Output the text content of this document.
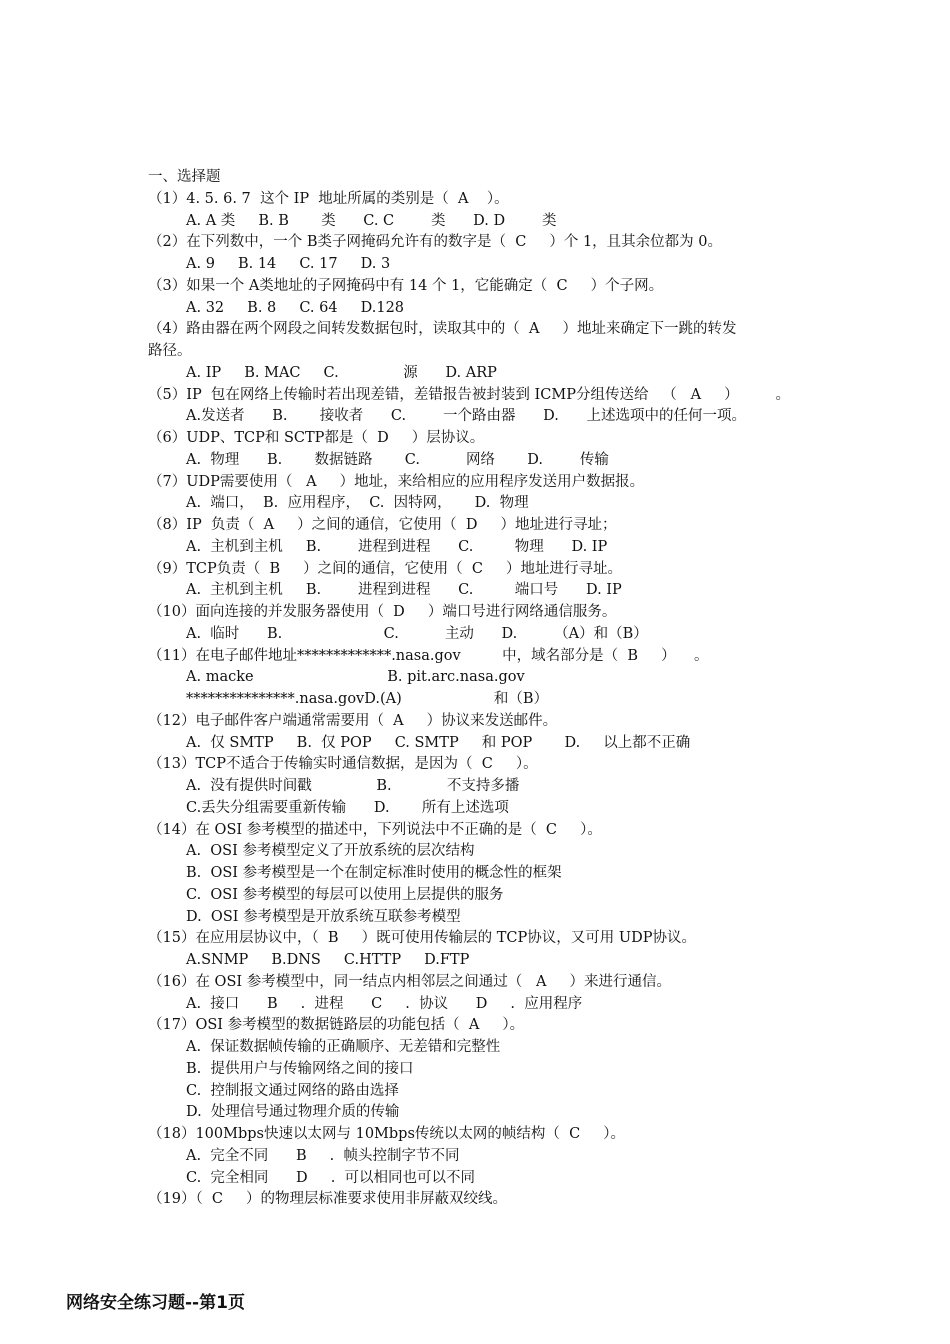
一、选择题
（1）4. 5. 6. 7  这个 IP  地址所属的类别是（  A    ）。
A. A 类     B. B       类      C. C        类      D. D        类
（2）在下列数中，一个 B类子网掩码允许有的数字是（  C     ）个 1，且其余位都为 0。
A. 9     B. 14     C. 17     D. 3
（3）如果一个 A类地址的子网掩码中有 14 个 1，它能确定（  C     ）个子网。
A. 32     B. 8     C. 64     D.128
（4）路由器在两个网段之间转发数据包时，读取其中的（  A     ）地址来确定下一跳的转发
路径。
A. IP     B. MAC     C.              源      D. ARP
（5）IP  包在网络上传输时若出现差错，差错报告被封装到 ICMP分组传送给   （   A     ）        。
A.发送者      B.       接收者      C.        一个路由器      D.      上述选项中的任何一项。
（6）UDP、TCP和 SCTP都是（  D     ）层协议。
A.  物理      B.       数据链路       C.          网络       D.        传输
（7）UDP需要使用（   A     ）地址，来给相应的应用程序发送用户数据报。
A.  端口，  B.  应用程序，  C.  因特网，     D.  物理
（8）IP  负责（  A     ）之间的通信，它使用（  D     ）地址进行寻址；
A.  主机到主机     B.        进程到进程      C.         物理      D. IP
（9）TCP负责（  B     ）之间的通信，它使用（  C     ）地址进行寻址。
A.  主机到主机     B.        进程到进程      C.         端口号      D. IP
（10）面向连接的并发服务器使用（  D     ）端口号进行网络通信服务。
A.  临时      B.                      C.          主动      D.        （A）和（B）
（11）在电子邮件地址*************.nasa.gov         中，域名部分是（  B     ）    。
A. macke                             B. pit.arc.nasa.gov
***************.nasa.govD.(A)                    和（B）
（12）电子邮件客户端通常需要用（  A     ）协议来发送邮件。
A.  仅 SMTP     B.  仅 POP     C. SMTP     和 POP       D.     以上都不正确
（13）TCP不适合于传输实时通信数据，是因为（  C     ）。
A.  没有提供时间戳              B.            不支持多播
C.丢失分组需要重新传输      D.       所有上述选项
（14）在 OSI 参考模型的描述中，下列说法中不正确的是（  C     ）。
A.  OSI 参考模型定义了开放系统的层次结构
B.  OSI 参考模型是一个在制定标准时使用的概念性的框架
C.  OSI 参考模型的每层可以使用上层提供的服务
D.  OSI 参考模型是开放系统互联参考模型
（15）在应用层协议中，（  B     ）既可使用传输层的 TCP协议，又可用 UDP协议。
A.SNMP     B.DNS     C.HTTP     D.FTP
（16）在 OSI 参考模型中，同一结点内相邻层之间通过（   A     ）来进行通信。
A.  接口      B     .  进程      C     .  协议      D     .  应用程序
（17）OSI 参考模型的数据链路层的功能包括（  A     ）。
A.  保证数据帧传输的正确顺序、无差错和完整性
B.  提供用户与传输网络之间的接口
C.  控制报文通过网络的路由选择
D.  处理信号通过物理介质的传输
（18）100Mbps快速以太网与 10Mbps传统以太网的帧结构（  C     ）。
A.  完全不同      B     .  帧头控制字节不同
C.  完全相同      D     .  可以相同也可以不同
（19）（  C     ）的物理层标准要求使用非屏蔽双绞线。
网络安全练习题--第1页
